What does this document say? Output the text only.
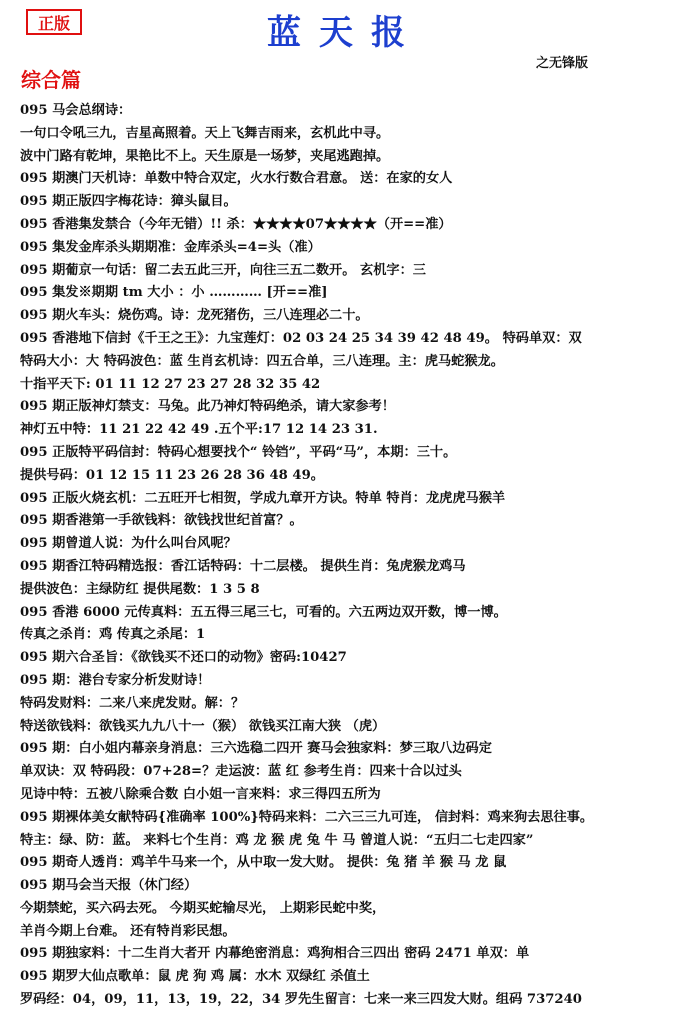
正版	蓝天报
之无锋版
综合篇
095 马会总纲诗：
一句口令吼三九，吉星高照着。天上飞舞吉雨来，玄机此中寻。
波中门路有乾坤，果艳比不上。天生原是一场梦，夹尾逃跑掉。
095 期澳门天机诗：单数中特合双定，火水行数合君意。 送：在家的女人
095 期正版四字梅花诗：獐头鼠目。
095 香港集发禁合（今年无错）!! 杀：★★★★07★★★★（开==准）
095 集发金库杀头期期准：金库杀头=4=头（准）
095 期葡京一句话：留二去五此三开，向往三五二数开。 玄机字：三
095 集发※期期 tm 大小 ：小 ………… [开==准]
095 期火车头：烧伤鸡。诗：龙死猪伤，三八连理必二十。
095 香港地下信封《千王之王》：九宝莲灯：02 03 24 25 34 39 42 48 49。 特码单双：双
特码大小：大 特码波色：蓝 生肖玄机诗：四五合单，三八连理。主：虎马蛇猴龙。
十指平天下: 01 11 12 27 23 27 28 32 35 42
095 期正版神灯禁支：马兔。此乃神灯特码绝杀，请大家参考！
神灯五中特：11 21 22 42 49 .五个平:17 12 14 23 31.
095 正版特平码信封：特码心想要找个“ 铃铛”，平码“马”，本期：三十。
提供号码：01 12 15 11 23 26 28 36 48 49。
095 正版火烧玄机：二五旺开七相贺，学成九章开方诀。特单 特肖：龙虎虎马猴羊
095 期香港第一手欲钱料：欲钱找世纪首富？。
095 期曾道人说：为什么叫台风呢？
095 期香江特码精选报：香江话特码：十二层楼。 提供生肖：兔虎猴龙鸡马
提供波色：主绿防红 提供尾数：1 3 5 8
095 香港 6000 元传真料：五五得三尾三七，可看的。六五两边双开数，博一博。
传真之杀肖：鸡 传真之杀尾：1
095 期六合圣旨：《欲钱买不还口的动物》密码:10427
095 期：港台专家分析发财诗！
特码发财料：二来八来虎发财。解：？
特送欲钱料：欲钱买九九八十一（猴） 欲钱买江南大狭 （虎）
095 期：白小姐内幕亲身消息：三六选稳二四开 赛马会独家料：梦三取八边码定
单双诀：双 特码段：07+28=？走运波：蓝 红 参考生肖：四来十合以过头
见诗中特：五被八除乘合数 白小姐一言来料：求三得四五所为
095 期裸体美女献特码{准确率 100%}特码来料：二六三三九可连， 信封料：鸡来狗去思往事。
特主：绿、防：蓝。 来料七个生肖：鸡 龙 猴 虎 兔 牛 马 曾道人说：“五归二七走四家”
095 期奇人透肖：鸡羊牛马来一个，从中取一发大财。 提供：兔 猪 羊 猴 马 龙 鼠
095 期马会当天报（休门经）
今期禁蛇，买六码去死。 今期买蛇输尽光， 上期彩民蛇中奖，
羊肖今期上台难。 还有特肖彩民想。
095 期独家料：十二生肖大者开 内幕绝密消息：鸡狗相合三四出 密码 2471 单双：单
095 期罗大仙点歌单：鼠 虎 狗 鸡 属：水木 双绿红 杀值土
罗码经：04，09，11，13，19，22，34 罗先生留言：七来一来三四发大财。组码 737240
